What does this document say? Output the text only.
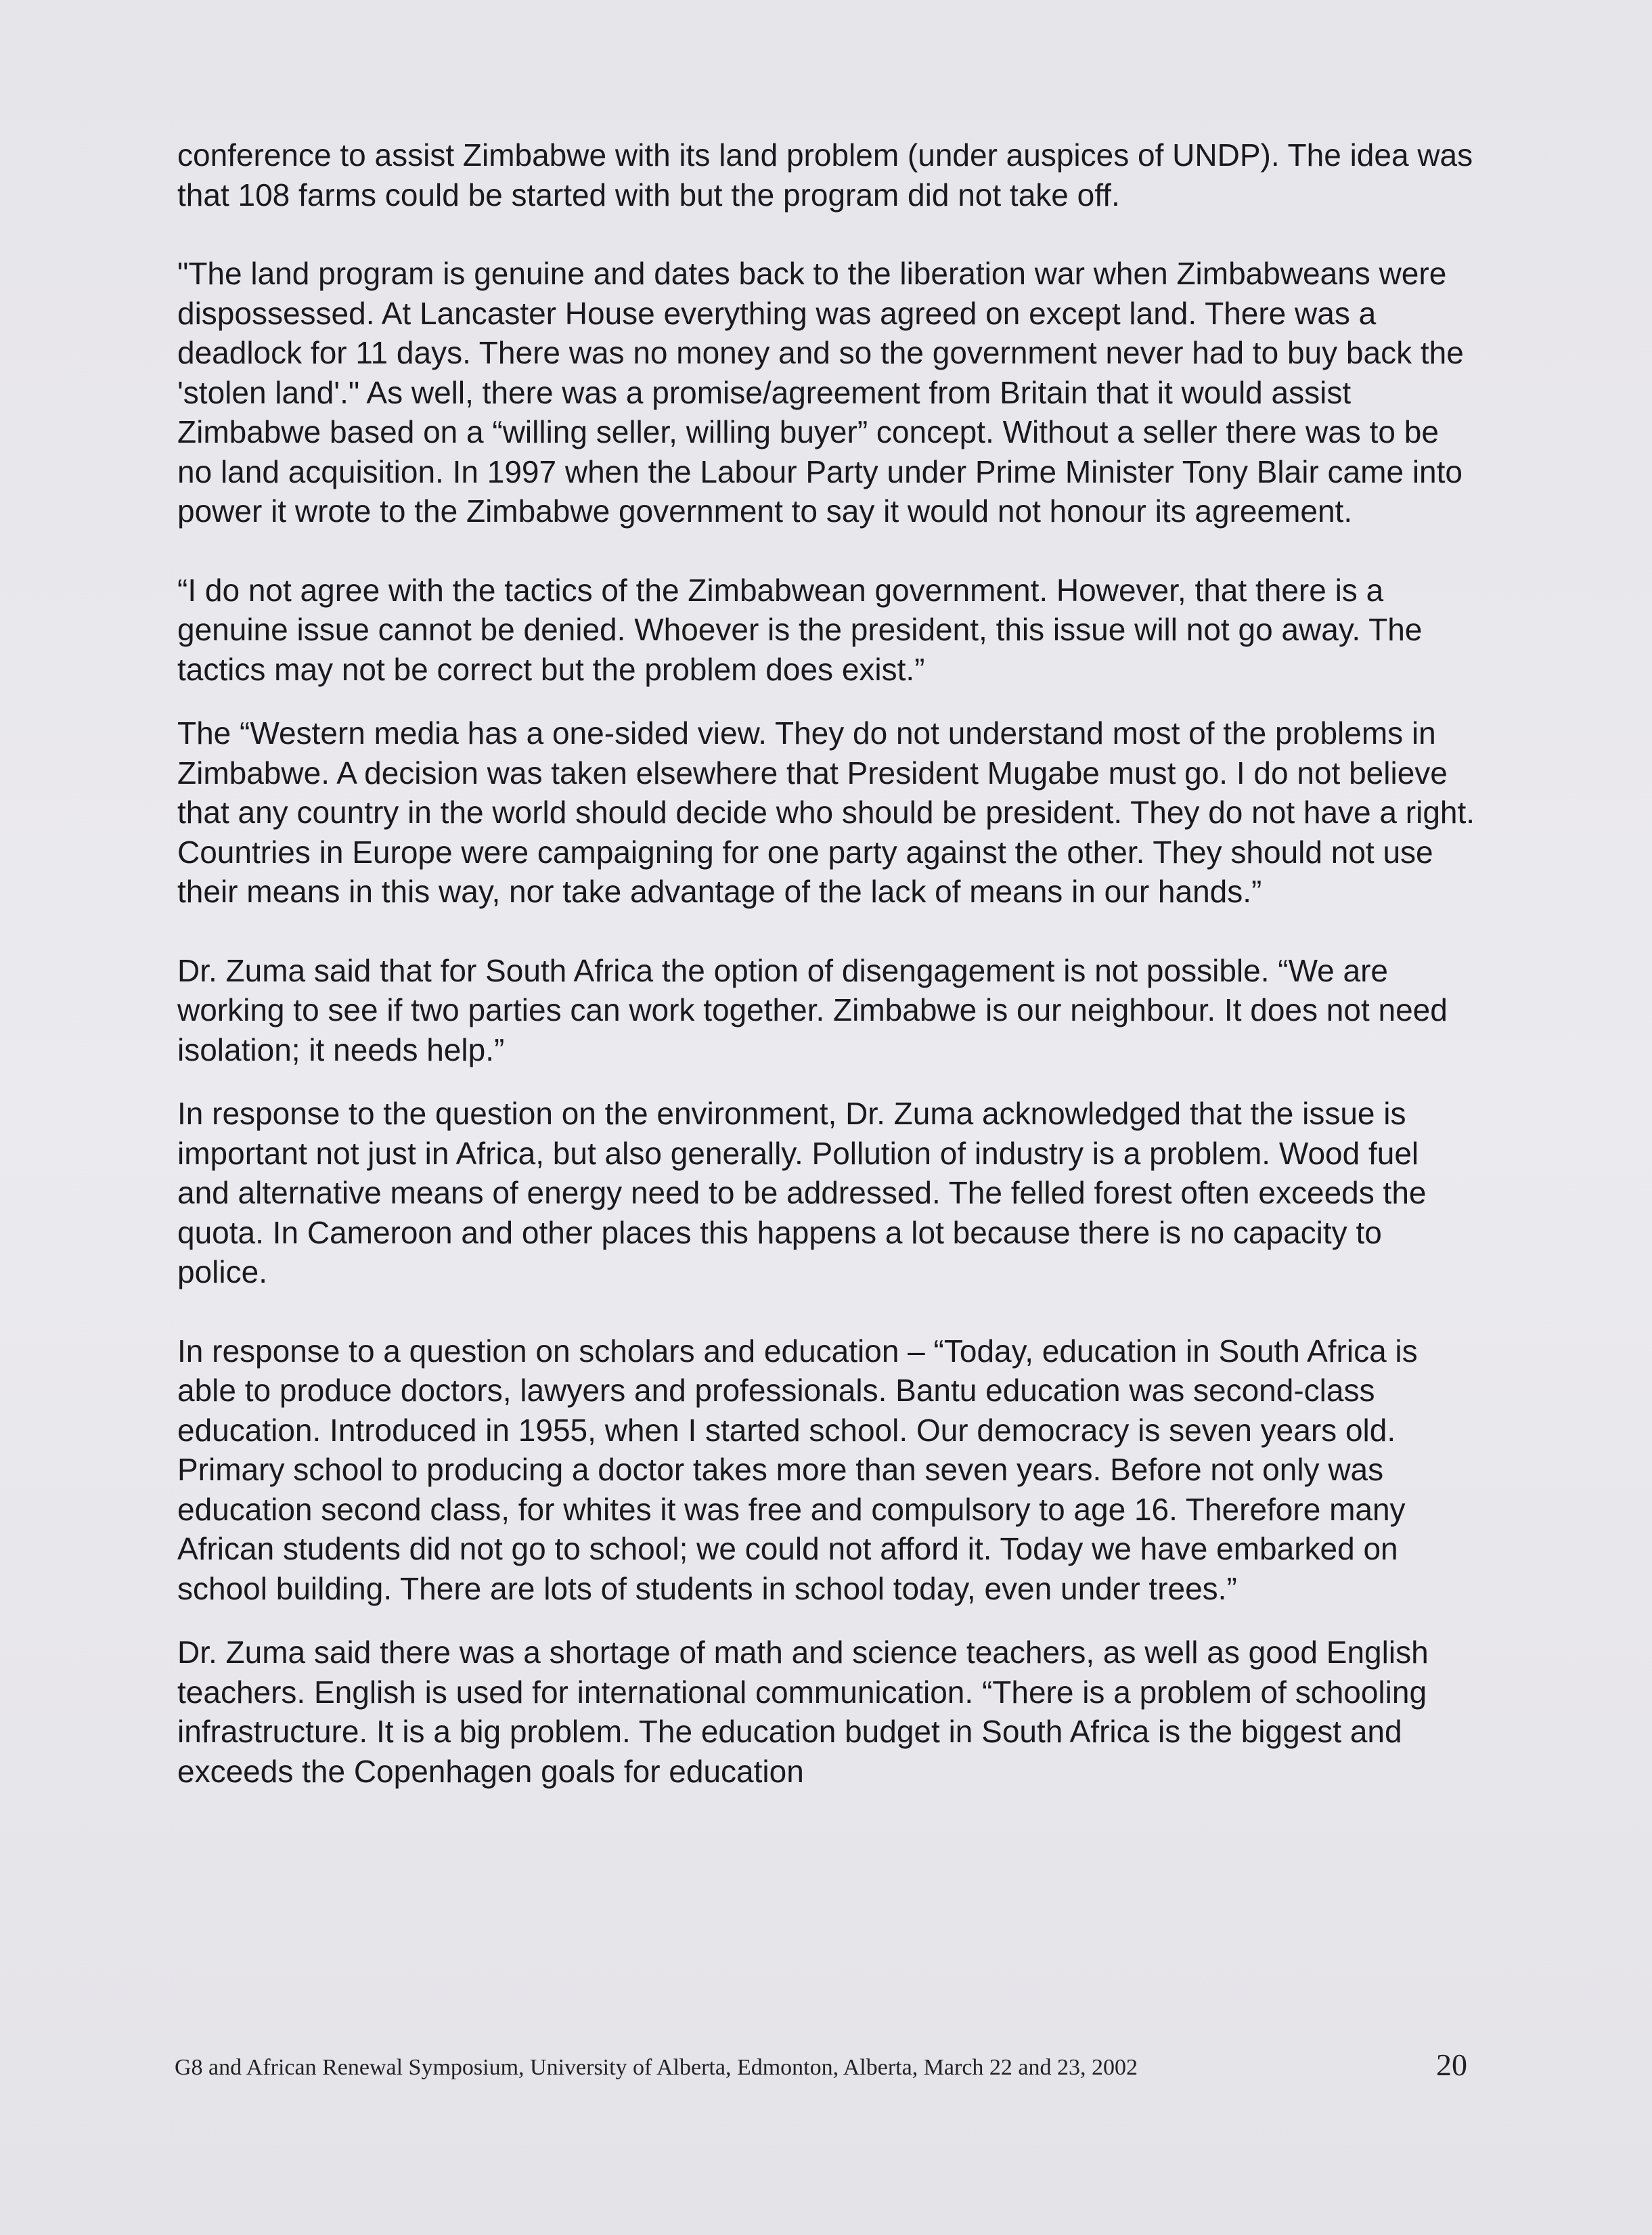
conference to assist Zimbabwe with its land problem (under auspices of UNDP). The idea was that 108 farms could be started with but the program did not take off.

"The land program is genuine and dates back to the liberation war when Zimbabweans were dispossessed. At Lancaster House everything was agreed on except land. There was a deadlock for 11 days. There was no money and so the government never had to buy back the 'stolen land'." As well, there was a promise/agreement from Britain that it would assist Zimbabwe based on a “willing seller, willing buyer” concept. Without a seller there was to be no land acquisition. In 1997 when the Labour Party under Prime Minister Tony Blair came into power it wrote to the Zimbabwe government to say it would not honour its agreement.

“I do not agree with the tactics of the Zimbabwean government. However, that there is a genuine issue cannot be denied. Whoever is the president, this issue will not go away. The tactics may not be correct but the problem does exist.”

The “Western media has a one-sided view. They do not understand most of the problems in Zimbabwe. A decision was taken elsewhere that President Mugabe must go. I do not believe that any country in the world should decide who should be president. They do not have a right. Countries in Europe were campaigning for one party against the other. They should not use their means in this way, nor take advantage of the lack of means in our hands.”

Dr. Zuma said that for South Africa the option of disengagement is not possible. “We are working to see if two parties can work together. Zimbabwe is our neighbour. It does not need isolation; it needs help.”

In response to the question on the environment, Dr. Zuma acknowledged that the issue is important not just in Africa, but also generally. Pollution of industry is a problem. Wood fuel and alternative means of energy need to be addressed. The felled forest often exceeds the quota. In Cameroon and other places this happens a lot because there is no capacity to police.

In response to a question on scholars and education – “Today, education in South Africa is able to produce doctors, lawyers and professionals. Bantu education was second-class education. Introduced in 1955, when I started school. Our democracy is seven years old. Primary school to producing a doctor takes more than seven years. Before not only was education second class, for whites it was free and compulsory to age 16. Therefore many African students did not go to school; we could not afford it. Today we have embarked on school building. There are lots of students in school today, even under trees.”

Dr. Zuma said there was a shortage of math and science teachers, as well as good English teachers. English is used for international communication. “There is a problem of schooling infrastructure. It is a big problem. The education budget in South Africa is the biggest and exceeds the Copenhagen goals for education

G8 and African Renewal Symposium, University of Alberta, Edmonton, Alberta, March 22 and 23, 2002	20
